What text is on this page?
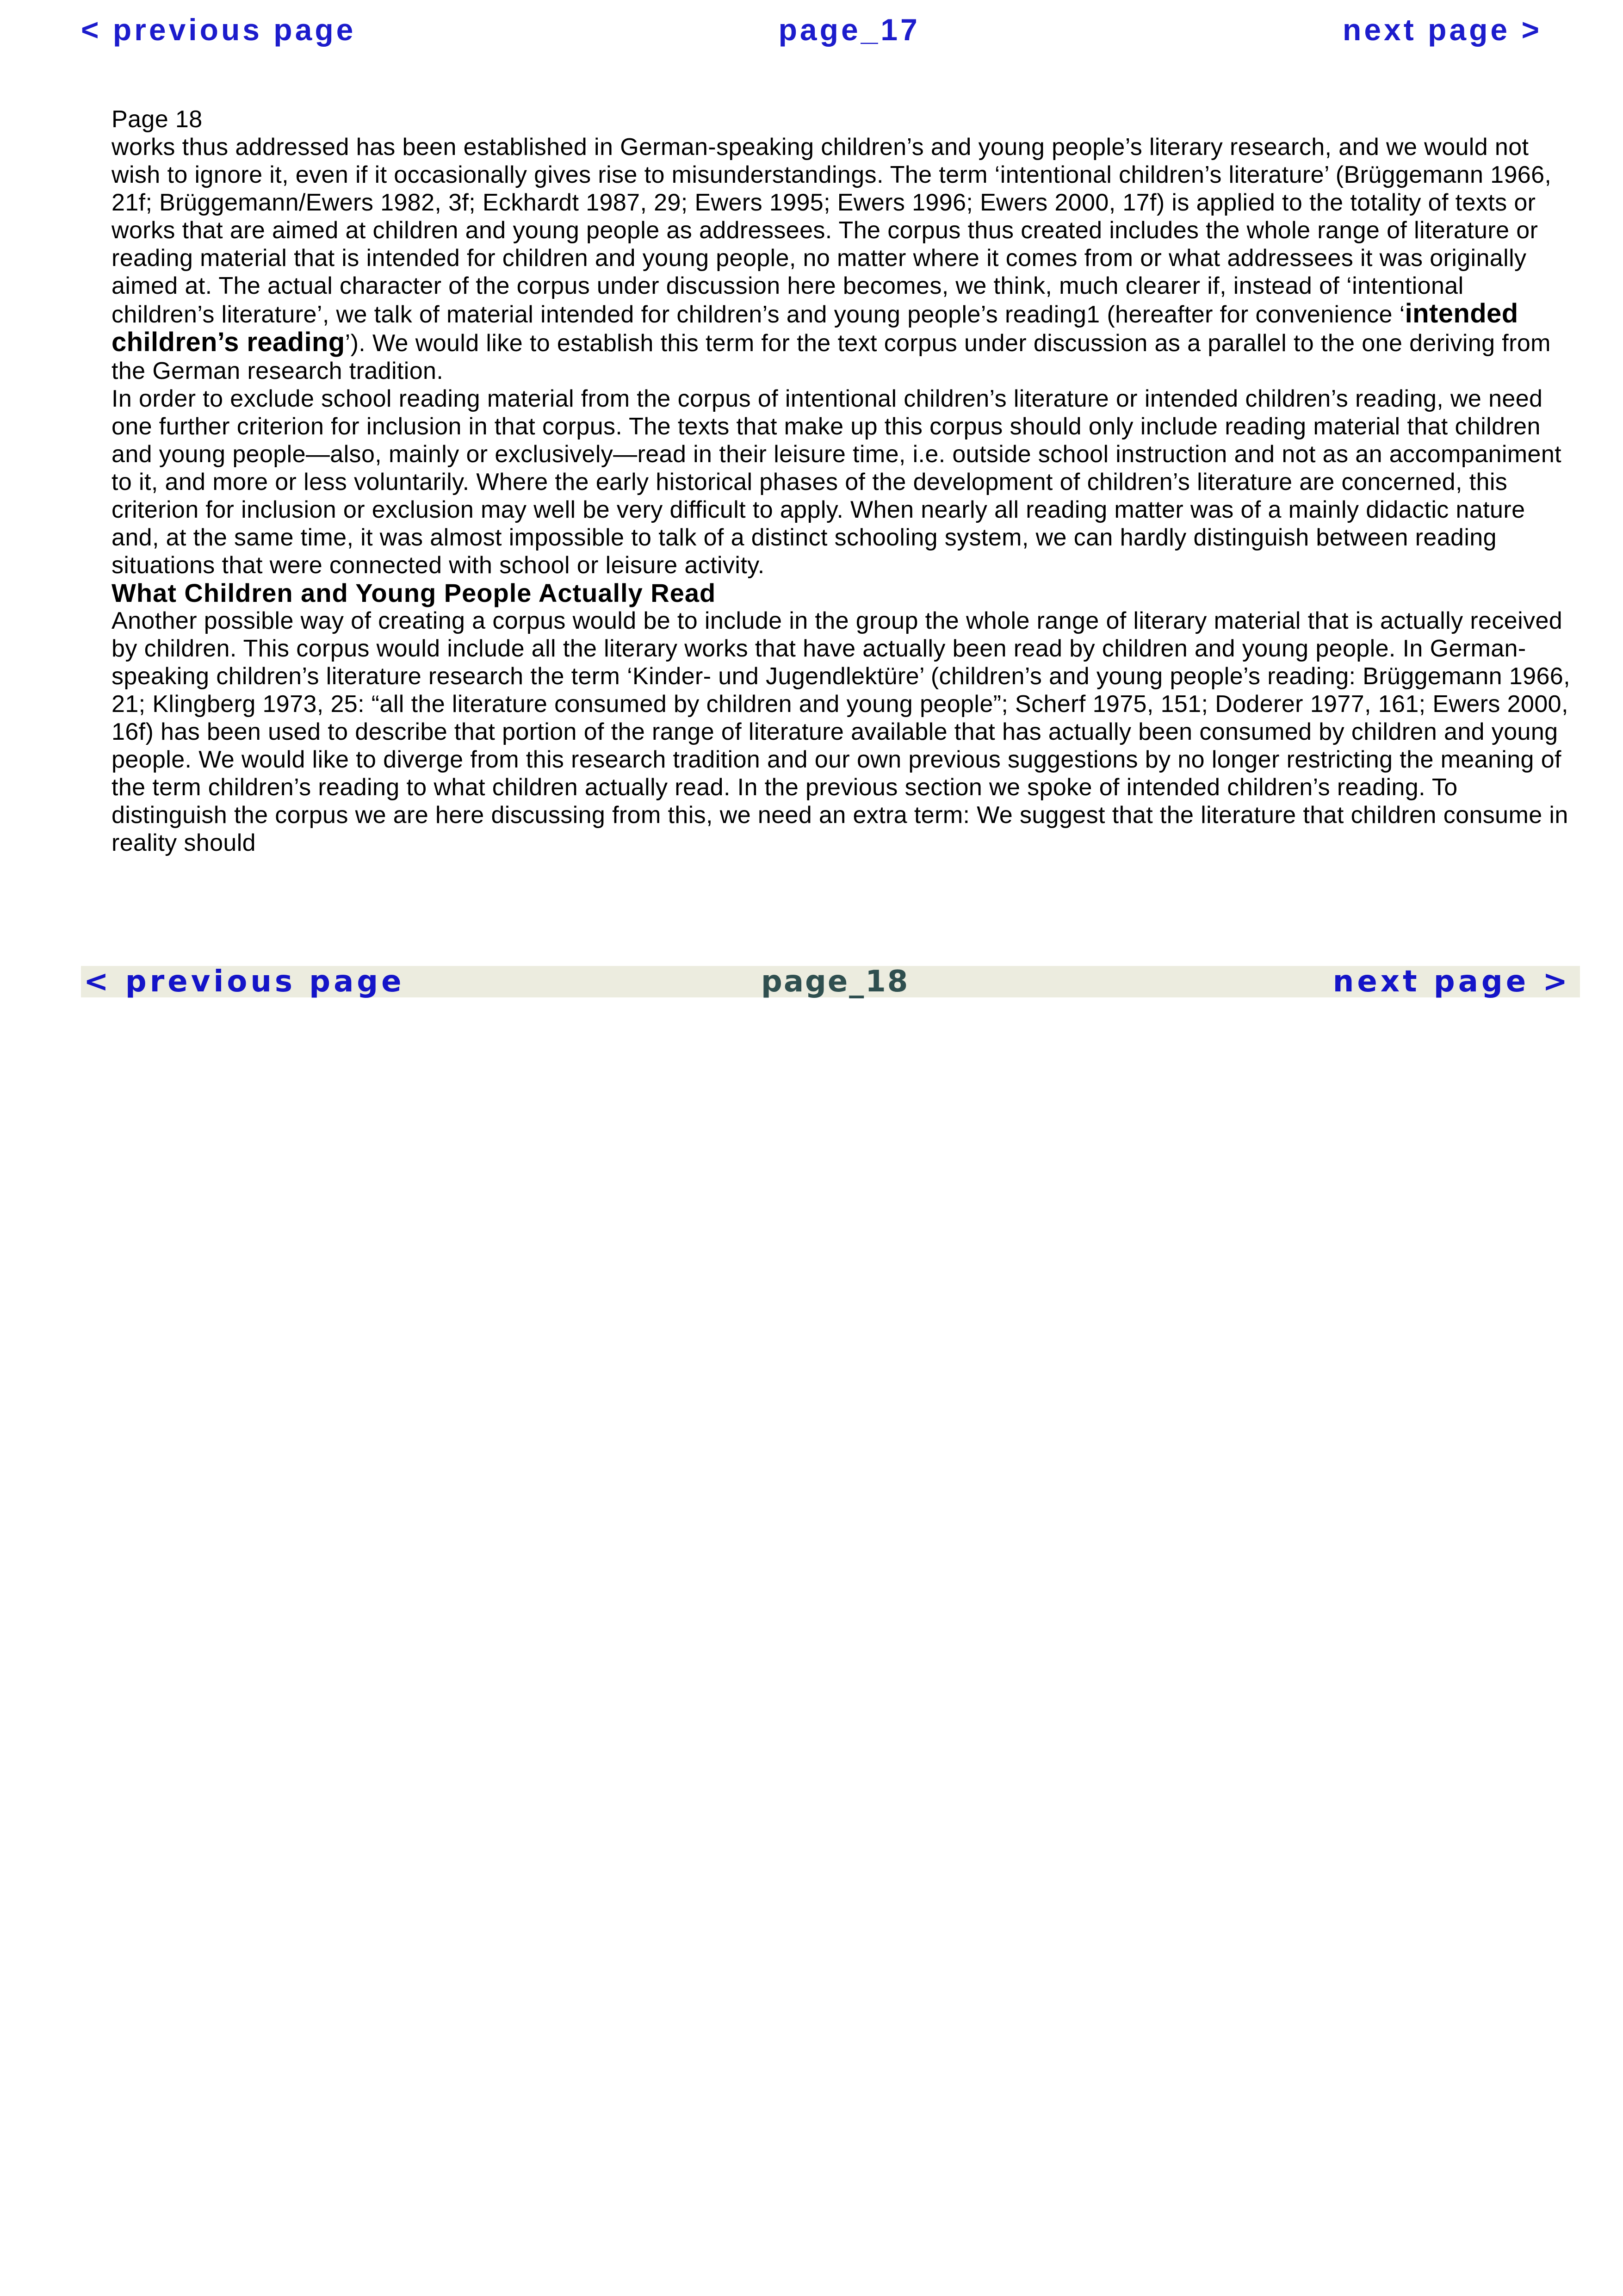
< previous page	page_17	next page >
Page 18

works thus addressed has been established in German-speaking children’s and young people’s literary research, and we would not wish to ignore it, even if it occasionally gives rise to misunderstandings. The term ‘intentional children’s literature’ (Brüggemann 1966, 21f; Brüggemann/Ewers 1982, 3f; Eckhardt 1987, 29; Ewers 1995; Ewers 1996; Ewers 2000, 17f) is applied to the totality of texts or works that are aimed at children and young people as addressees. The corpus thus created includes the whole range of literature or reading material that is intended for children and young people, no matter where it comes from or what addressees it was originally aimed at. The actual character of the corpus under discussion here becomes, we think, much clearer if, instead of ‘intentional children’s literature’, we talk of material intended for children’s and young people’s reading1 (hereafter for convenience ‘intended children’s reading’). We would like to establish this term for the text corpus under discussion as a parallel to the one deriving from the German research tradition.

In order to exclude school reading material from the corpus of intentional children’s literature or intended children’s reading, we need one further criterion for inclusion in that corpus. The texts that make up this corpus should only include reading material that children and young people—also, mainly or exclusively—read in their leisure time, i.e. outside school instruction and not as an accompaniment to it, and more or less voluntarily. Where the early historical phases of the development of children’s literature are concerned, this criterion for inclusion or exclusion may well be very difficult to apply. When nearly all reading matter was of a mainly didactic nature and, at the same time, it was almost impossible to talk of a distinct schooling system, we can hardly distinguish between reading situations that were connected with school or leisure activity.

What Children and Young People Actually Read

Another possible way of creating a corpus would be to include in the group the whole range of literary material that is actually received by children. This corpus would include all the literary works that have actually been read by children and young people. In German-speaking children’s literature research the term ‘Kinder- und Jugendlektüre’ (children’s and young people’s reading: Brüggemann 1966, 21; Klingberg 1973, 25: “all the literature consumed by children and young people”; Scherf 1975, 151; Doderer 1977, 161; Ewers 2000, 16f) has been used to describe that portion of the range of literature available that has actually been consumed by children and young people. We would like to diverge from this research tradition and our own previous suggestions by no longer restricting the meaning of the term children’s reading to what children actually read. In the previous section we spoke of intended children’s reading. To distinguish the corpus we are here discussing from this, we need an extra term: We suggest that the literature that children consume in reality should

< previous page	page_18	next page >
